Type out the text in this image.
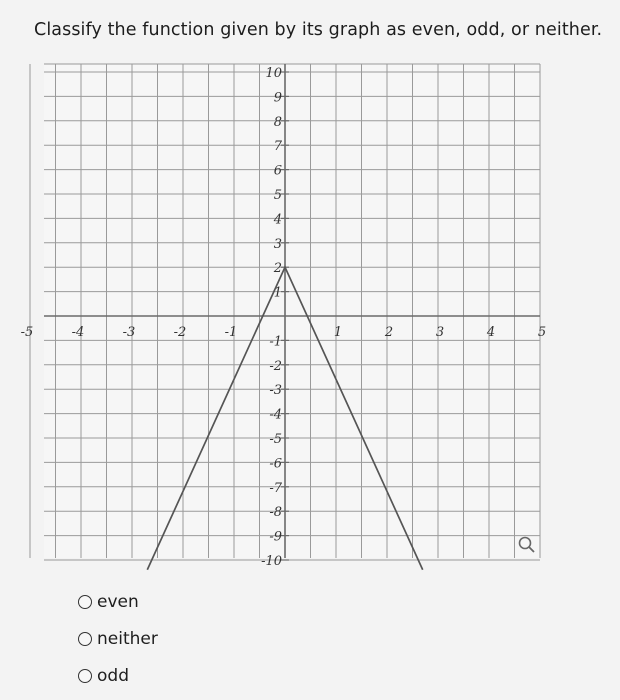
Classify the function given by its graph as even, odd, or neither.
-5	-4	-3	-2	-1	1	2	3	4	5
10
9
8
7
6
5
4
3
2
1
-1
-2
-3
-4
-5
-6
-7
-8
-9
-10
even
neither
odd
